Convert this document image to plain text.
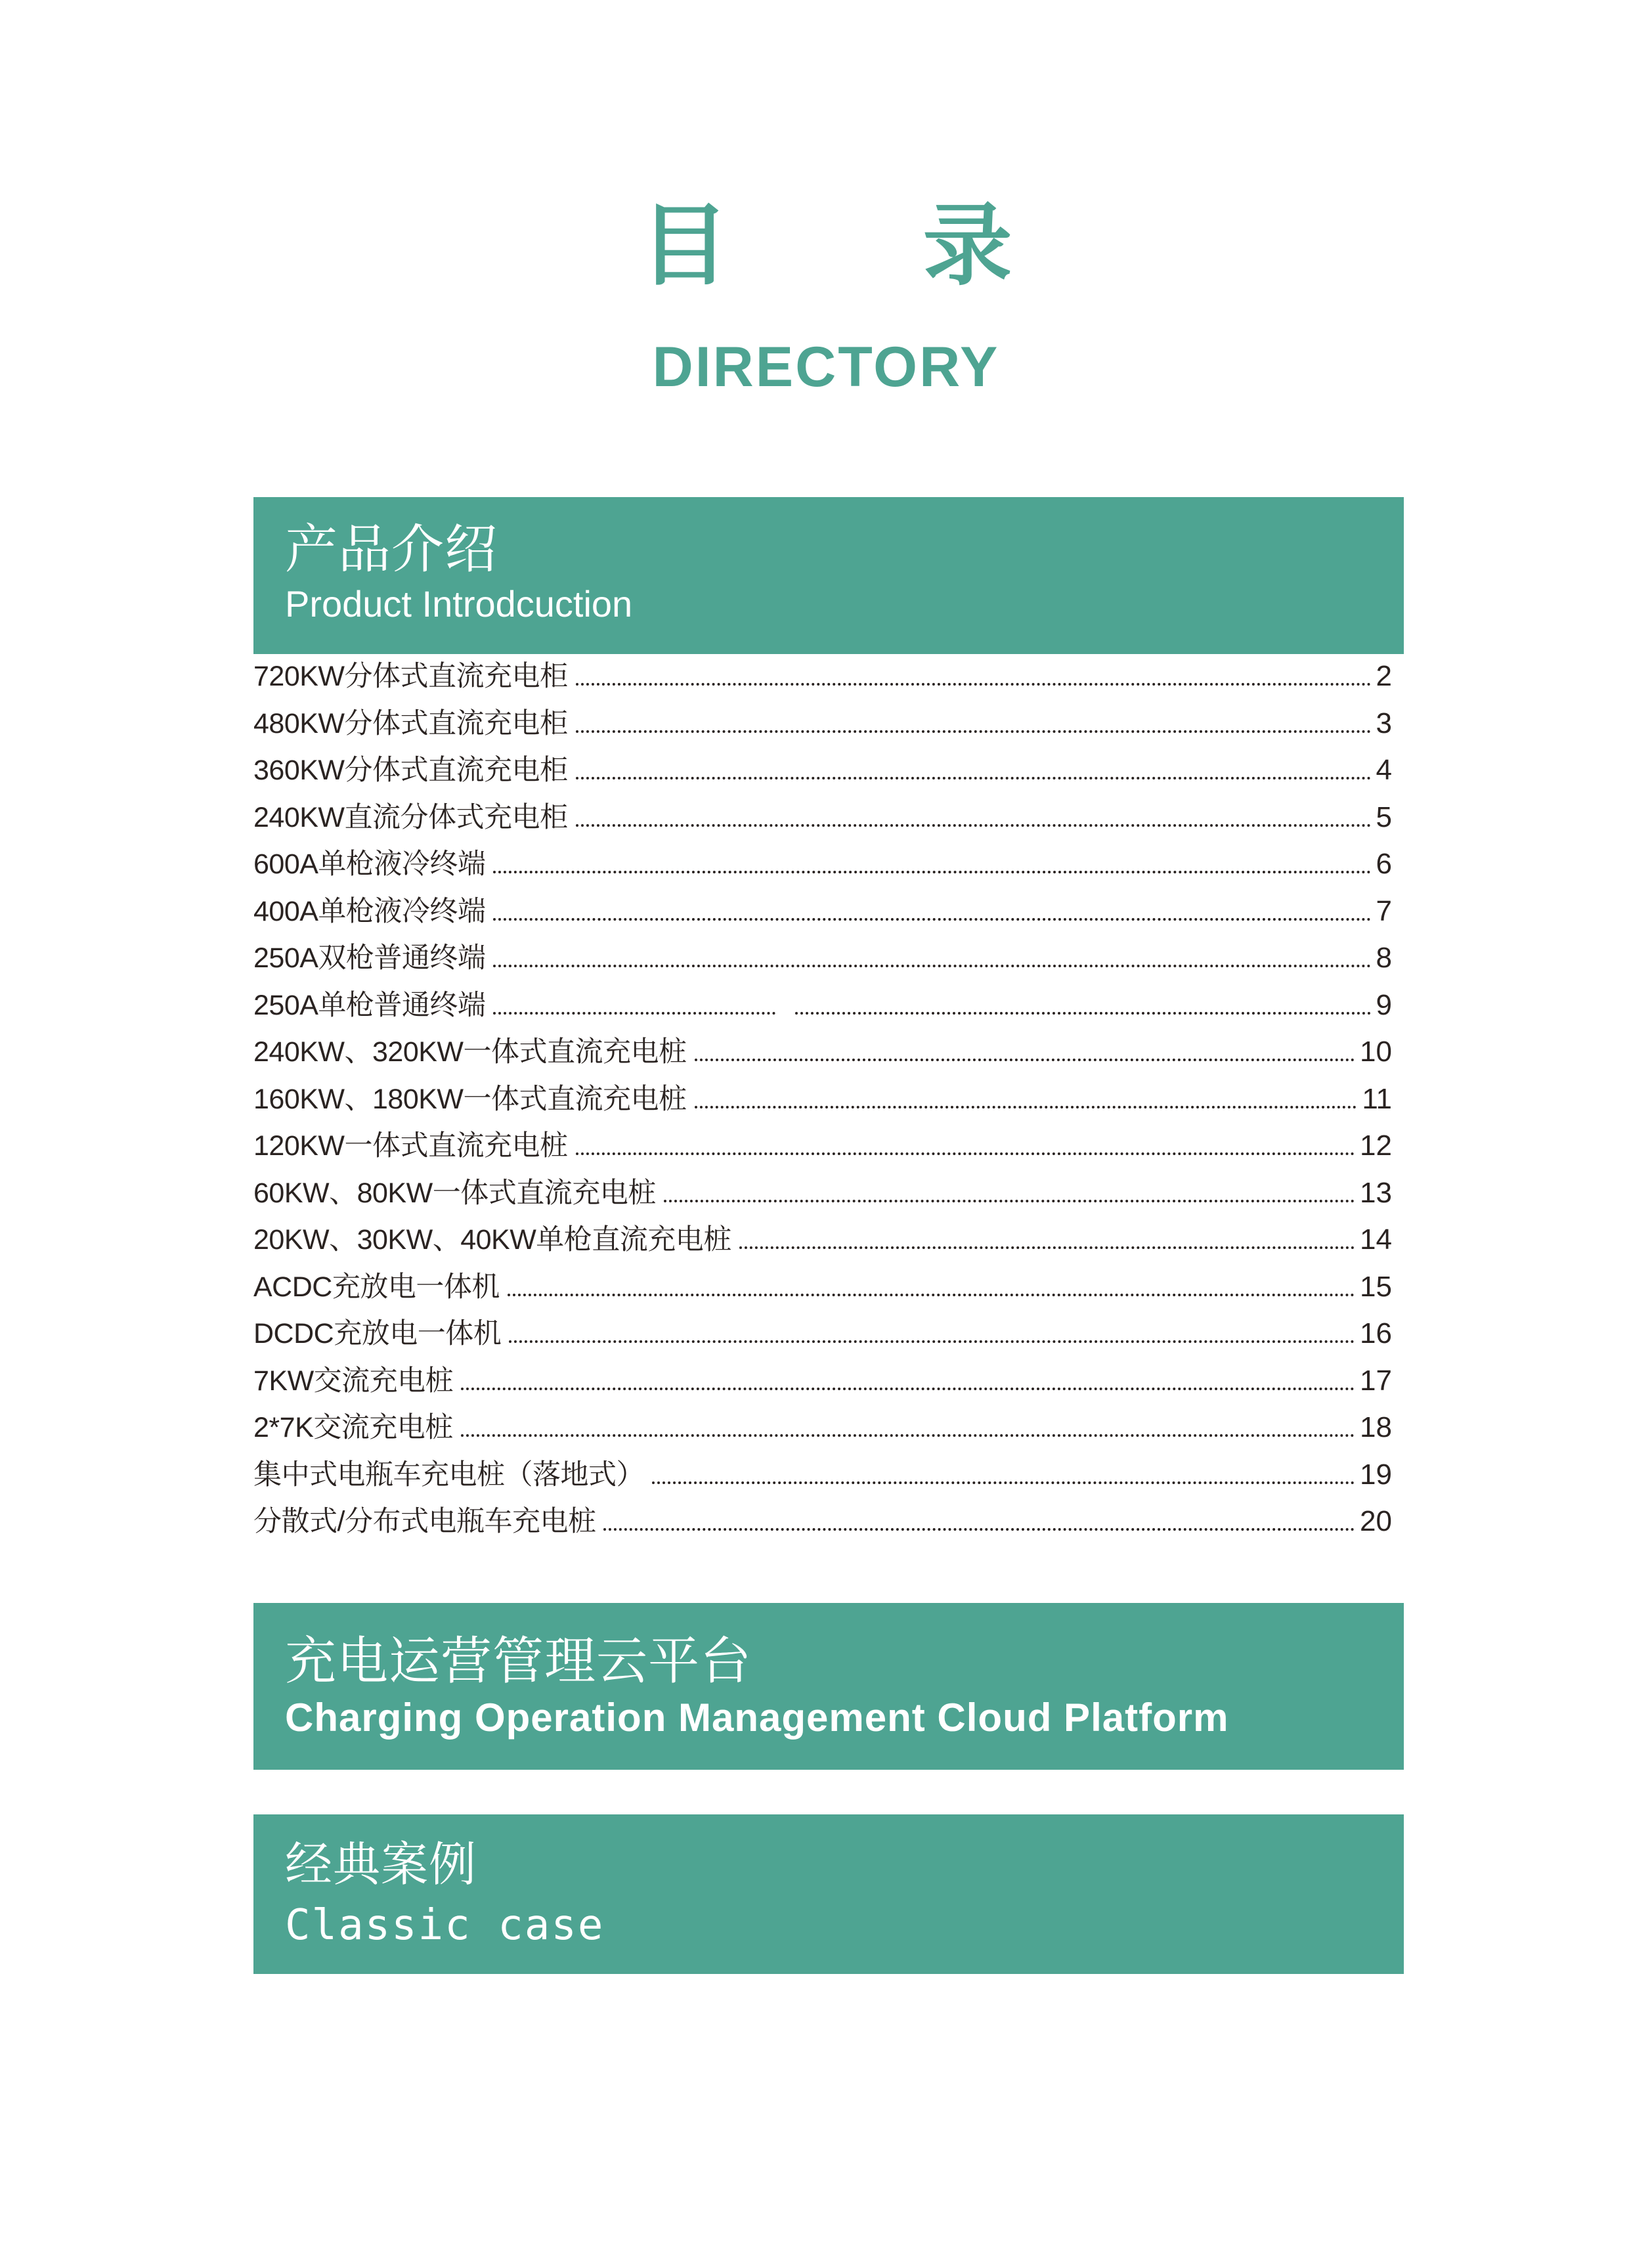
目录
DIRECTORY
产品介绍
Product Introdcuction
720KW分体式直流充电柜	2
480KW分体式直流充电柜	3
360KW分体式直流充电柜	4
240KW直流分体式充电柜	5
600A单枪液冷终端	6
400A单枪液冷终端	7
250A双枪普通终端	8
250A单枪普通终端	9
240KW、320KW一体式直流充电桩	10
160KW、180KW一体式直流充电桩	11
120KW一体式直流充电桩	12
60KW、80KW一体式直流充电桩	13
20KW、30KW、40KW单枪直流充电桩	14
ACDC充放电一体机	15
DCDC充放电一体机	16
7KW交流充电桩	17
2*7K交流充电桩	18
集中式电瓶车充电桩（落地式）	19
分散式/分布式电瓶车充电桩	20
充电运营管理云平台
Charging Operation Management Cloud Platform
经典案例
Classic case
